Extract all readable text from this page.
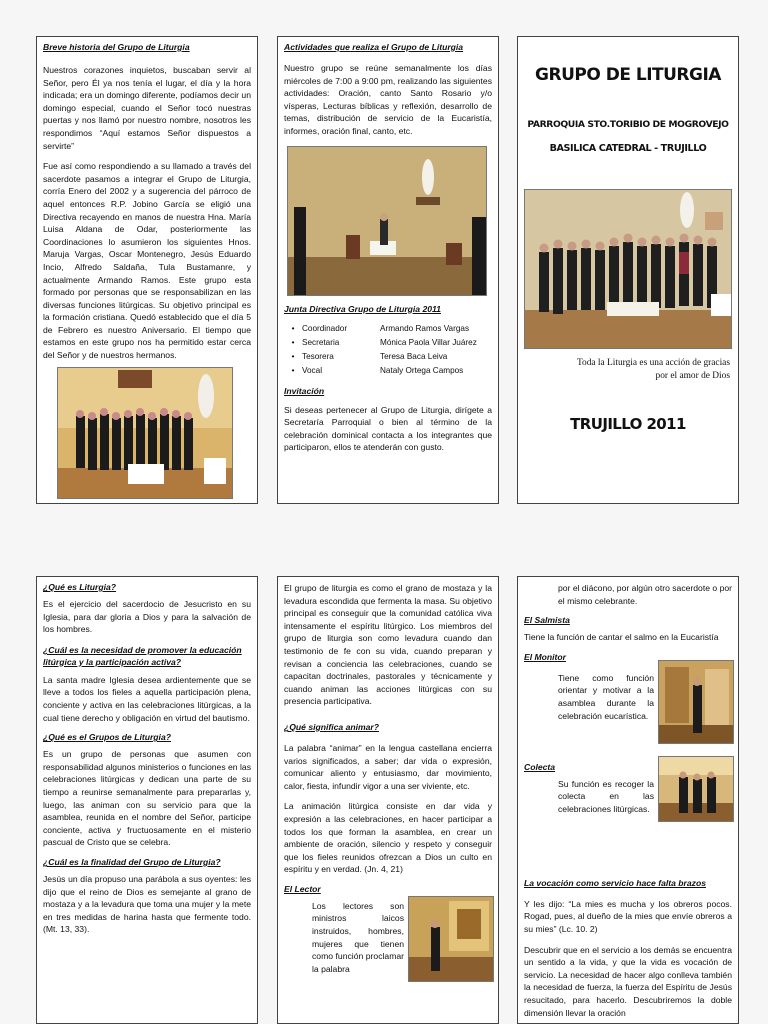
Breve historia del Grupo de Liturgia
Nuestros corazones inquietos, buscaban servir al Señor, pero Él ya nos tenía el lugar, el día y la hora indicada; era un domingo diferente, podíamos decir un domingo especial, cuando el Señor tocó nuestras puertas y nos llamó por nuestro nombre, nosotros les respondimos “Aquí estamos Señor dispuestos a servirte”
Fue así como respondiendo a su llamado a través del sacerdote pasamos a integrar el Grupo de Liturgia, corría Enero del 2002 y a sugerencia del párroco de aquel entonces R.P. Jobino García se eligió una Directiva recayendo en manos de nuestra Hna. María Luisa Aldana de Odar, posteriormente las Coordinaciones lo asumieron los siguientes Hnos. Maruja Vargas, Oscar Montenegro, Jesús Eduardo Incio, Alfredo Saldaña, Tula Bustamanre, y actualmente Armando Ramos. Este grupo esta formado por personas que se responsabilizan en las diversas funciones litúrgicas. Su objetivo principal es la formación cristiana. Quedó establecido que el día 5 de Febrero es nuestro Aniversario. El tiempo que estamos en este grupo nos ha permitido estar cerca del Señor y de nuestros hermanos.
Actividades que realiza el Grupo de Liturgia
Nuestro grupo se reúne semanalmente los días miércoles de 7:00 a 9:00 pm, realizando las siguientes actividades: Oración, canto Santo Rosario y/o vísperas, Lecturas bíblicas y reflexión, desarrollo de temas, distribución de servicio de la Eucaristía, informes, oración final, canto, etc.
Junta Directiva Grupo de Liturgia 2011
• Coordinador	Armando Ramos Vargas
• Secretaria	Mónica Paola Villar Juárez
• Tesorera	Teresa Baca Leiva
• Vocal	Nataly Ortega Campos
Invitación
Si deseas pertenecer al Grupo de Liturgia, dirígete a Secretaría Parroquial o bien al término de la celebración dominical contacta a los integrantes que participaron, ellos te atenderán con gusto.
GRUPO DE LITURGIA
PARROQUIA STO.TORIBIO DE MOGROVEJO
BASILICA CATEDRAL - TRUJILLO
Toda la Liturgia es una acción de gracias
por el amor de Dios
TRUJILLO 2011
¿Qué es Liturgia?
Es el ejercicio del sacerdocio de Jesucristo en su Iglesia, para dar gloria a Dios y para la salvación de los hombres.
¿Cuál es la necesidad de promover la educación litúrgica y la participación activa?
La santa madre Iglesia desea ardientemente que se lleve a todos los fieles a aquella participación plena, conciente y activa en las celebraciones litúrgicas, a la cual tiene derecho y obligación en virtud del bautismo.
¿Qué es el Grupos de Liturgia?
Es un grupo de personas que asumen con responsabilidad algunos ministerios o funciones en las celebraciones litúrgicas y dedican una parte de su tiempo a reunirse semanalmente para prepararlas y, luego, las animan con su servicio para que la asamblea, reunida en el nombre del Señor, participe conciente, activa y fructuosamente en el misterio pascual de Cristo que se celebra.
¿Cuál es la finalidad del Grupo de Liturgia?
Jesús un día propuso una parábola a sus oyentes: les dijo que el reino de Dios es semejante al grano de mostaza y a la levadura que toma una mujer y la mete en tres medidas de harina hasta que fermente todo. (Mt. 13, 33).
El grupo de liturgia es como el grano de mostaza y la levadura escondida que fermenta la masa. Su objetivo principal es conseguir que la comunidad católica viva intensamente el espíritu litúrgico. Los miembros del grupo de liturgia son como levadura cuando dan testimonio de fe con su vida, cuando preparan y revisan a conciencia las celebraciones, cuando se capacitan doctrinales, pastorales y técnicamente y cuando animan las acciones litúrgicas con su presencia participativa.
¿Qué significa animar?
La palabra “animar” en la lengua castellana encierra varios significados, a saber; dar vida o expresión, comunicar aliento y entusiasmo, dar movimiento, calor, fiesta, infundir vigor a una ser viviente, etc.
La animación litúrgica consiste en dar vida y expresión a las celebraciones, en hacer participar a todos los que forman la asamblea, en crear un ambiente de oración, silencio y respeto y conseguir que los fieles reunidos ofrezcan a Dios un culto en espíritu y en verdad. (Jn. 4, 21)
El Lector
Los lectores son ministros laicos instruidos, hombres, mujeres que tienen como función proclamar la palabra
por el diácono, por algún otro sacerdote o por el mismo celebrante.
El Salmista
Tiene la función de cantar el salmo en la Eucaristía
El Monitor
Tiene como función orientar y motivar a la asamblea durante la celebración eucarística.
Colecta
Su función es recoger la colecta en las celebraciones litúrgicas.
La vocación como servicio hace falta brazos
Y les dijo: “La mies es mucha y los obreros pocos. Rogad, pues, al dueño de la mies que envíe obreros a su mies” (Lc. 10. 2)
Descubrir que en el servicio a los demás se encuentra un sentido a la vida, y que la vida es vocación de servicio. La necesidad de hacer algo conlleva también la necesidad de fuerza, la fuerza del Espíritu de Jesús resucitado, para hacerlo. Descubriremos la doble dimensión llevar la oración
